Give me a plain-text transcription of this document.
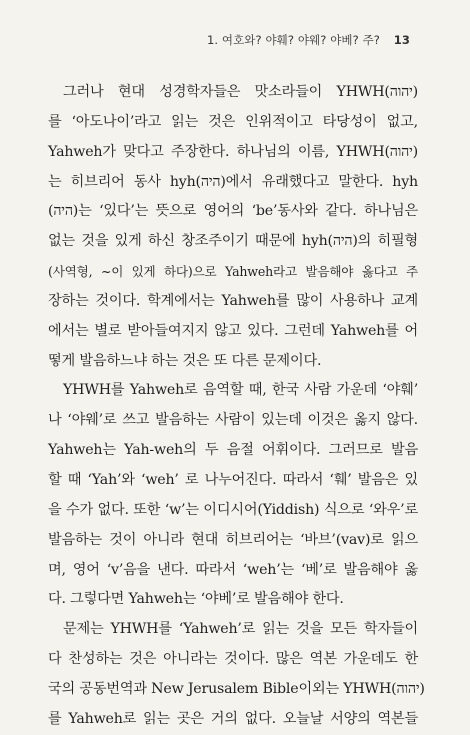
1. 여호와? 야훼? 야웨? 야베? 주? 13
그러나 현대 성경학자들은 맛소라들이 YHWH(יהוה)
를 ‘아도나이’라고 읽는 것은 인위적이고 타당성이 없고,
Yahweh가 맞다고 주장한다. 하나님의 이름, YHWH(יהוה)
는 히브리어 동사 hyh(היה)에서 유래했다고 말한다. hyh
(היה)는 ‘있다’는 뜻으로 영어의 ‘be’동사와 같다. 하나님은
없는 것을 있게 하신 창조주이기 때문에 hyh(היה)의 히필형
(사역형, ~이 있게 하다)으로 Yahweh라고 발음해야 옳다고 주
장하는 것이다. 학계에서는 Yahweh를 많이 사용하나 교계
에서는 별로 받아들여지지 않고 있다. 그런데 Yahweh를 어
떻게 발음하느냐 하는 것은 또 다른 문제이다.
YHWH를 Yahweh로 음역할 때, 한국 사람 가운데 ‘야훼’
나 ‘야웨’로 쓰고 발음하는 사람이 있는데 이것은 옳지 않다.
Yahweh는 Yah-weh의 두 음절 어휘이다. 그러므로 발음
할 때 ‘Yah’와 ‘weh’ 로 나누어진다. 따라서 ‘훼’ 발음은 있
을 수가 없다. 또한 ‘w’는 이디시어(Yiddish) 식으로 ‘와우’로
발음하는 것이 아니라 현대 히브리어는 ‘바브’(vav)로 읽으
며, 영어 ‘v’음을 낸다. 따라서 ‘weh’는 ‘베’로 발음해야 옳
다. 그렇다면 Yahweh는 ‘야베’로 발음해야 한다.
문제는 YHWH를 ‘Yahweh’로 읽는 것을 모든 학자들이
다 찬성하는 것은 아니라는 것이다. 많은 역본 가운데도 한
국의 공동번역과 New Jerusalem Bible이외는 YHWH(יהוה)
를 Yahweh로 읽는 곳은 거의 없다. 오늘날 서양의 역본들
